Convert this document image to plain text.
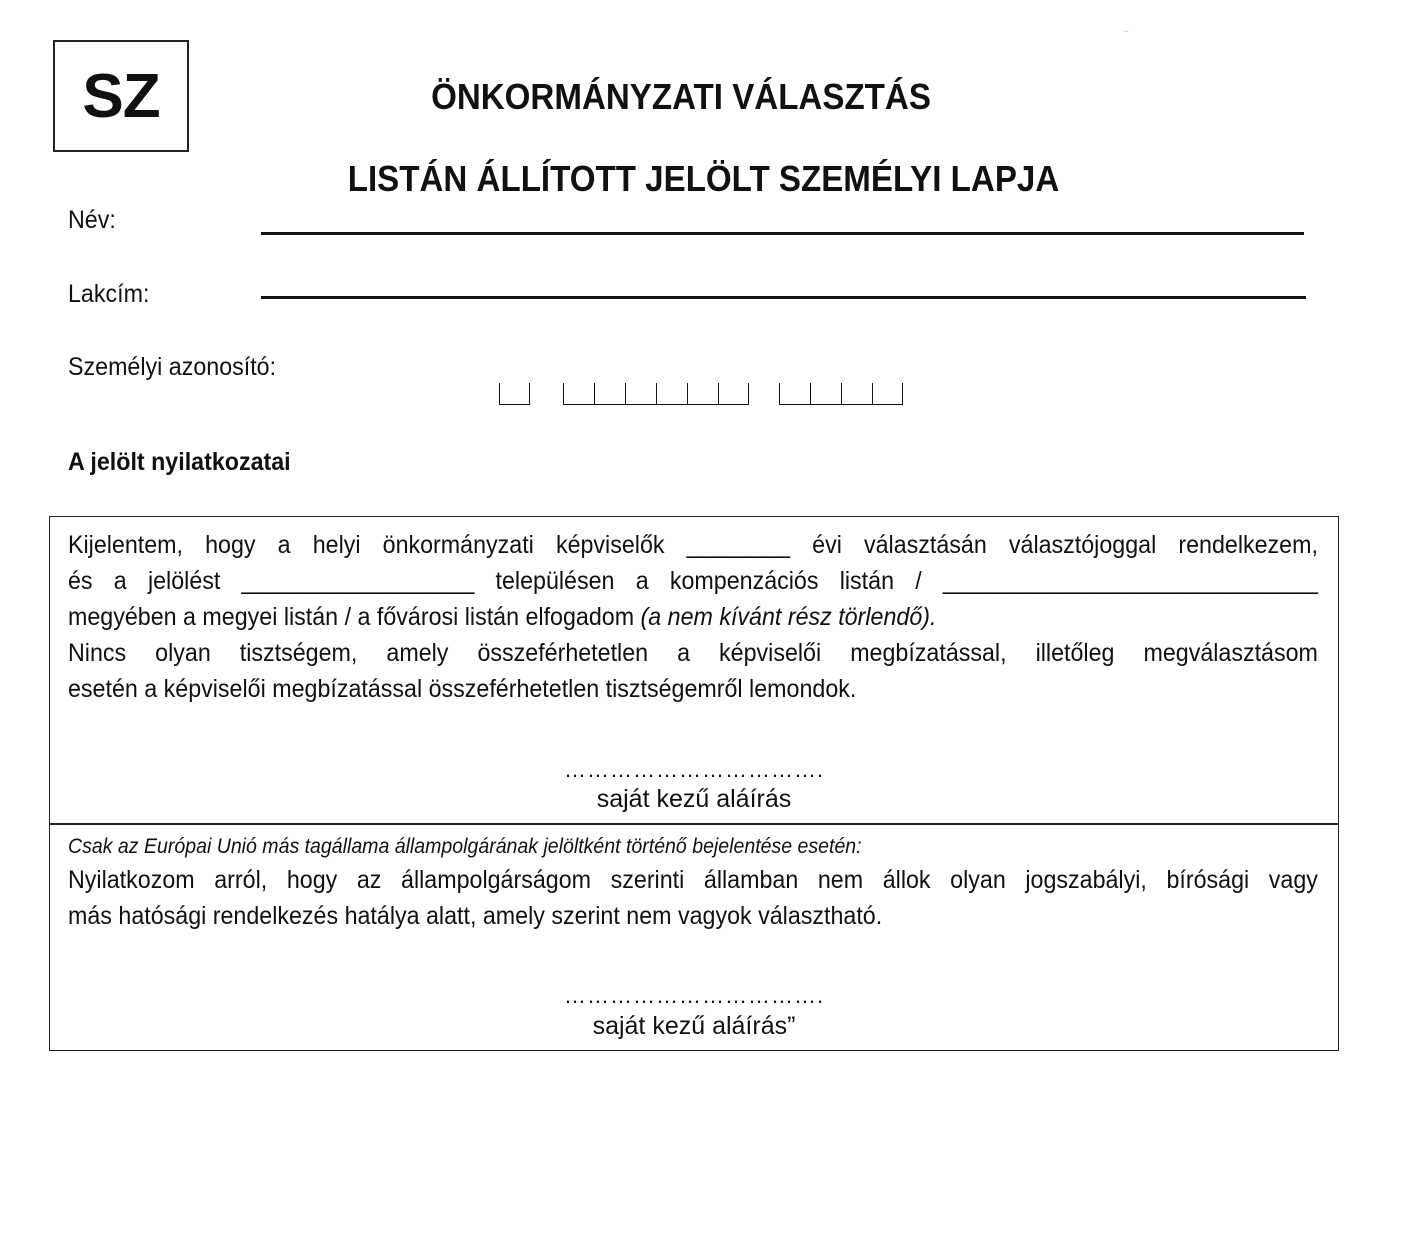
SZ	ÖNKORMÁNYZATI VÁLASZTÁS
LISTÁN ÁLLÍTOTT JELÖLT SZEMÉLYI LAPJA
´´
Név:
Lakcím:
Személyi azonosító:
A jelölt nyilatkozatai
Kijelentem, hogy a helyi önkormányzati képviselők ________ évi választásán választójoggal rendelkezem,
és a jelölést __________________ településen a kompenzációs listán / _____________________________
megyében a megyei listán / a fővárosi listán elfogadom (a nem kívánt rész törlendő).
Nincs olyan tisztségem, amely összeférhetetlen a képviselői megbízatással, illetőleg megválasztásom
esetén a képviselői megbízatással összeférhetetlen tisztségemről lemondok.
…………………………….
saját kezű aláírás
Csak az Európai Unió más tagállama állampolgárának jelöltként történő bejelentése esetén:
Nyilatkozom arról, hogy az állampolgárságom szerinti államban nem állok olyan jogszabályi, bírósági vagy
más hatósági rendelkezés hatálya alatt, amely szerint nem vagyok választható.
…………………………….
saját kezű aláírás”
